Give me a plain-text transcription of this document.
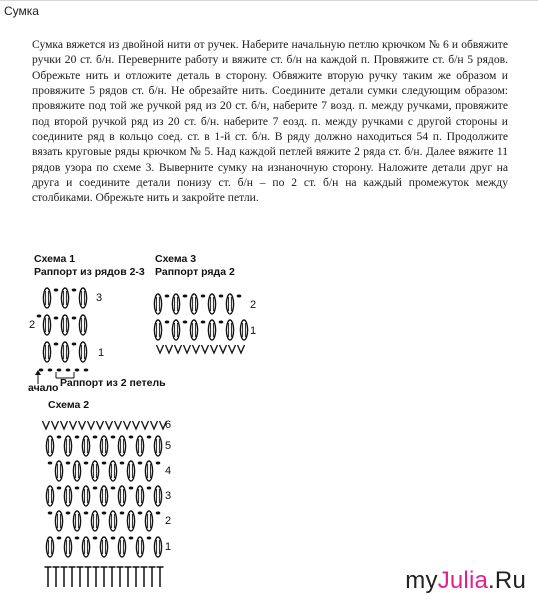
Сумка

Сумка вяжется из двойной нити от ручек. Наберите начальную петлю крючком № 6 и обвяжите ручки 20 ст. б/н. Переверните работу и вяжите ст. б/н на каждой п. Провяжите ст. б/н 5 рядов. Обрежьте нить и отложите деталь в сторону. Обвяжите вторую ручку таким же образом и провяжите 5 рядов ст. б/н. Не обрезайте нить. Соедините детали сумки следующим образом: провяжите под той же ручкой ряд из 20 ст. б/н, наберите 7 возд. п. между ручками, провяжите под второй ручкой ряд из 20 ст. б/н. наберите 7 eозд. п. между ручками с другой стороны и соедините ряд в кольцо соед. ст. в 1-й ст. б/н. В ряду должно находиться 54 п. Продолжите вязать круговые ряды крючком № 5. Над каждой петлей вяжите 2 ряда ст. б/н. Далее вяжите 11 рядов узора по схеме 3. Выверните сумку на изнаночную сторону. Наложите детали друг на друга и соедините детали понизу ст. б/н – по 2 ст. б/н на каждый промежуток между столбиками. Обрежьте нить и закройте петли.

Схема 1
Раппорт из рядов 2-3
3
2
1
ачало Раппорт из 2 петель
Схема 3
Раппорт ряда 2
2
1
Схема 2
6
5
4
3
2
1
myJulia.Ru
